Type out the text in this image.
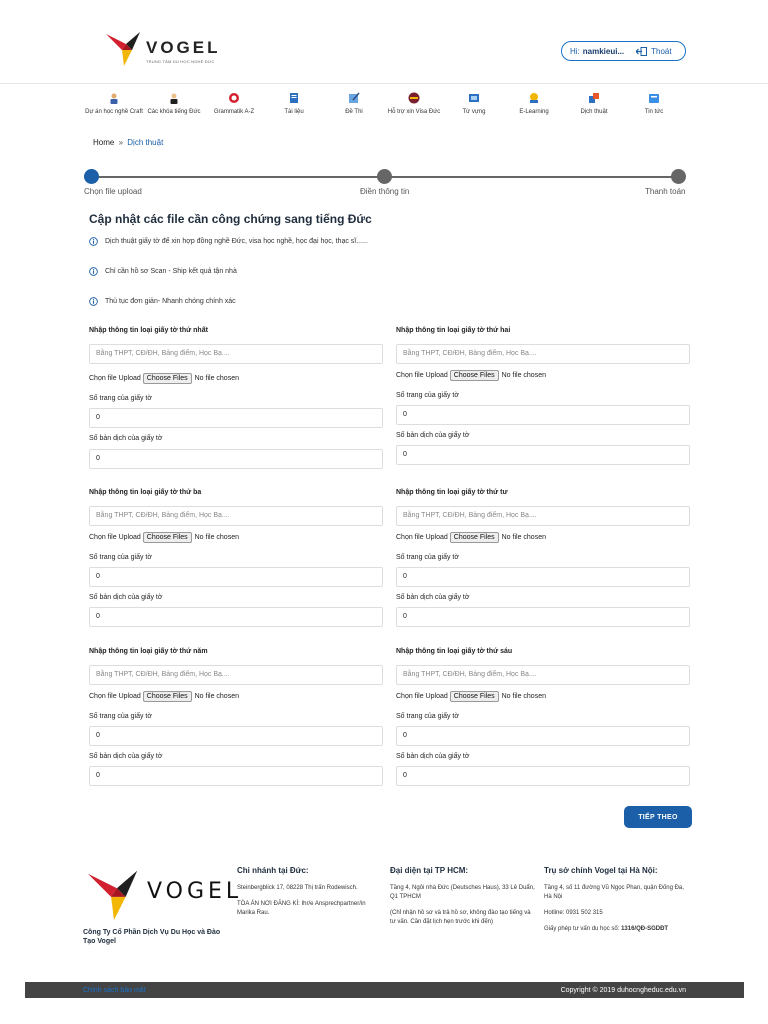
VOGEL
TRUNG TÂM DU HỌC NGHỀ ĐỨC
Hi: namkieui...	Thoát
Dự án học nghề Craft Các khóa tiếng Đức	Grammatik A-Z	Tài liệu	Đề Thi	Hỗ trợ xin Visa Đức	Từ vựng	E-Learning	Dịch thuật	Tin tức
Home » Dịch thuật
Chọn file upload	Điền thông tin	Thanh toán
Cập nhật các file cần công chứng sang tiếng Đức
Dịch thuật giấy tờ để xin hợp đồng nghề Đức, visa học nghề, học đại học, thạc sĩ......
Chỉ cần hồ sơ Scan - Ship kết quả tận nhà
Thủ tục đơn giản- Nhanh chóng chính xác
Nhập thông tin loại giấy tờ thứ nhất
Bằng THPT, CĐ/ĐH, Bảng điểm, Học Bạ....
Chọn file Upload Choose Files	No file chosen
Số trang của giấy tờ
0
Số bản dịch của giấy tờ
0
Nhập thông tin loại giấy tờ thứ hai
Bằng THPT, CĐ/ĐH, Bảng điểm, Học Bạ....
Chọn file Upload Choose Files	No file chosen
Số trang của giấy tờ
0
Số bản dịch của giấy tờ
0
Nhập thông tin loại giấy tờ thứ ba
Bằng THPT, CĐ/ĐH, Bảng điểm, Học Bạ....
Chọn file Upload Choose Files	No file chosen
Số trang của giấy tờ
0
Số bản dịch của giấy tờ
0
Nhập thông tin loại giấy tờ thứ tư
Bằng THPT, CĐ/ĐH, Bảng điểm, Học Bạ....
Chọn file Upload Choose Files	No file chosen
Số trang của giấy tờ
0
Số bản dịch của giấy tờ
0
Nhập thông tin loại giấy tờ thứ năm
Bằng THPT, CĐ/ĐH, Bảng điểm, Học Bạ....
Chọn file Upload Choose Files	No file chosen
Số trang của giấy tờ
0
Số bản dịch của giấy tờ
0
Nhập thông tin loại giấy tờ thứ sáu
Bằng THPT, CĐ/ĐH, Bảng điểm, Học Bạ....
Chọn file Upload Choose Files	No file chosen
Số trang của giấy tờ
0
Số bản dịch của giấy tờ
0
TIẾP THEO
VOGEL
Công Ty Cổ Phần Dịch Vụ Du Học và Đào Tạo Vogel
Chi nhánh tại Đức:

Steinbergblick 17, 08228 Thị trấn Rodewisch.

TÒA ÁN NƠI ĐĂNG KÍ: Ihr/e Ansprechpartner/in Marika Rau.

Đại diện tại TP HCM:

Tầng 4, Ngôi nhà Đức (Deutsches Haus), 33 Lê Duẩn, Q1 TPHCM

(Chỉ nhận hồ sơ và trả hồ sơ, không đào tạo tiếng và tư vấn. Cần đặt lịch hẹn trước khi đến)

Trụ sở chính Vogel tại Hà Nội:

Tầng 4, số 11 đường Vũ Ngọc Phan, quận Đống Đa, Hà Nội

Hotline: 0931 502 315

Giấy phép tư vấn du học số: 1316/QĐ-SGDĐT

Chính sách bảo mật	Copyright © 2019 duhocngheduc.edu.vn
